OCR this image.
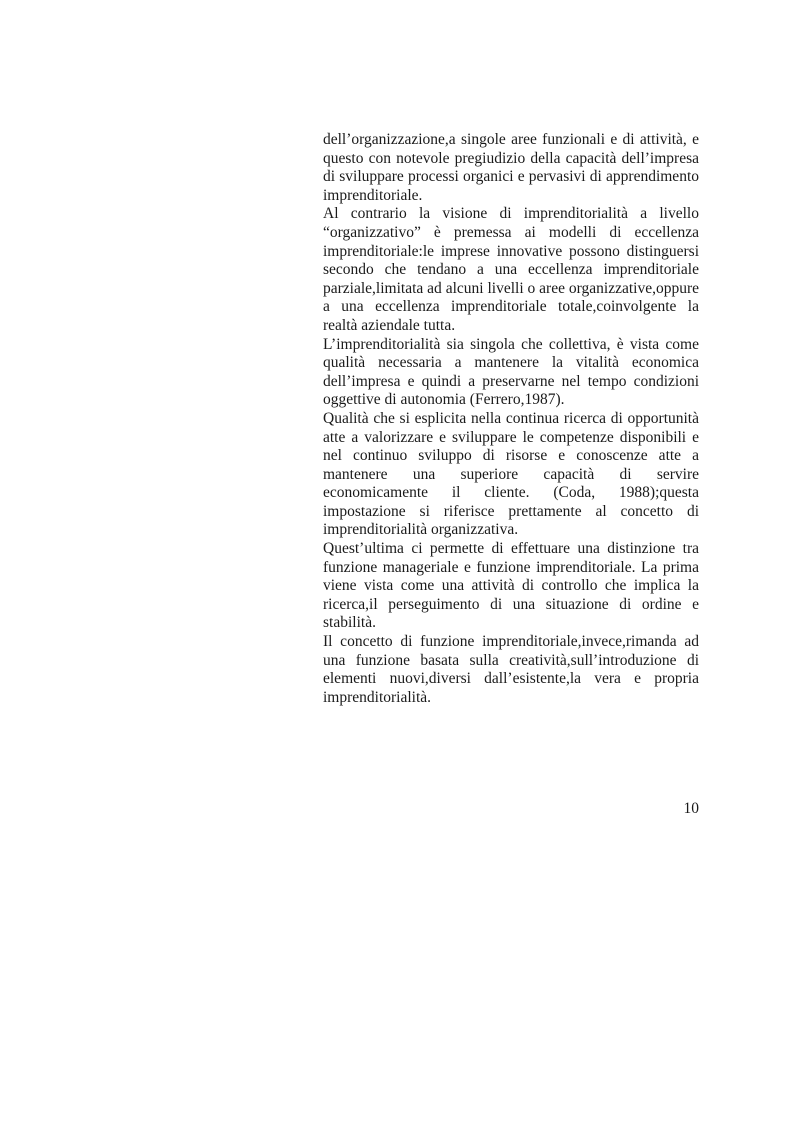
dell’organizzazione,a singole aree funzionali e di attività, e questo con notevole pregiudizio della capacità dell’impresa di sviluppare processi organici e pervasivi di apprendimento imprenditoriale.

Al contrario la visione di imprenditorialità a livello “organizzativo” è premessa ai modelli di eccellenza imprenditoriale:le imprese innovative possono distinguersi secondo che tendano a una eccellenza imprenditoriale parziale,limitata ad alcuni livelli o aree organizzative,oppure a una eccellenza imprenditoriale totale,coinvolgente la realtà aziendale tutta.

L’imprenditorialità sia singola che collettiva, è vista come qualità necessaria a mantenere la vitalità economica dell’impresa e quindi a preservarne nel tempo condizioni oggettive di autonomia (Ferrero,1987).

Qualità che si esplicita nella continua ricerca di opportunità atte a valorizzare e sviluppare le competenze disponibili e nel continuo sviluppo di risorse e conoscenze atte a mantenere una superiore capacità di servire economicamente il cliente. (Coda, 1988);questa impostazione si riferisce prettamente al concetto di imprenditorialità organizzativa.

Quest’ultima ci permette di effettuare una distinzione tra funzione manageriale e funzione imprenditoriale. La prima viene vista come una attività di controllo che implica la ricerca,il perseguimento di una situazione di ordine e stabilità.

Il concetto di funzione imprenditoriale,invece,rimanda ad una funzione basata sulla creatività,sull’introduzione di elementi nuovi,diversi dall’esistente,la vera e propria imprenditorialità.

10
